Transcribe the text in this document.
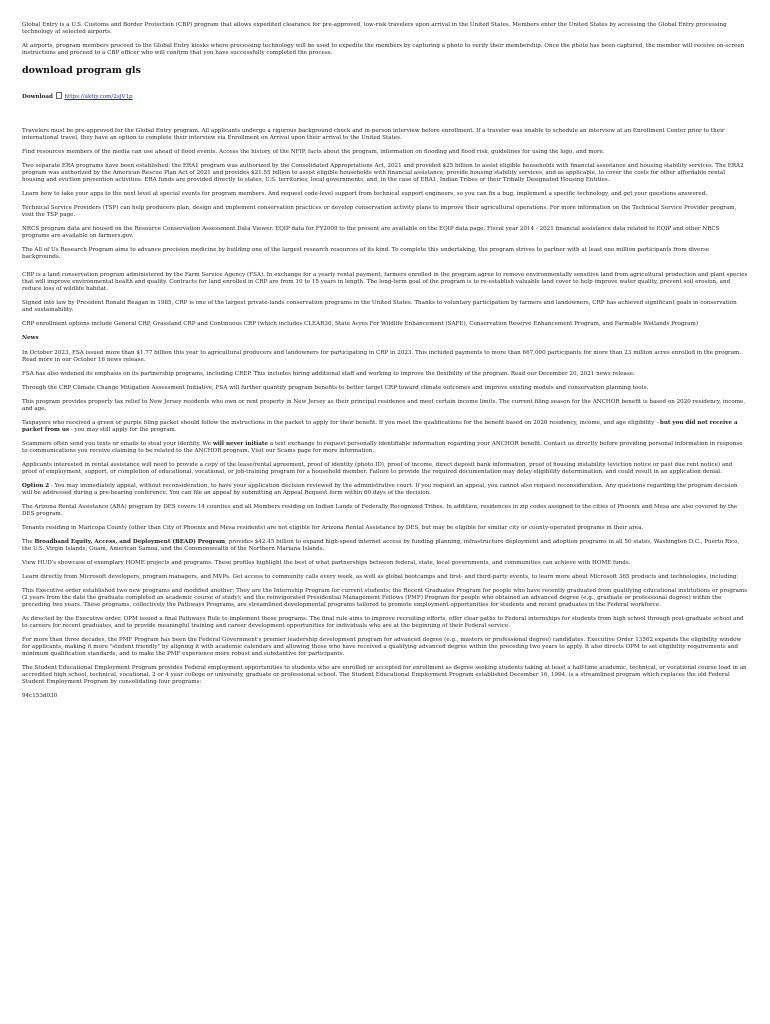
Global Entry is a U.S. Customs and Border Protection (CBP) program that allows expedited clearance for pre-approved, low-risk travelers upon arrival in the United States. Members enter the United States by accessing the Global Entry processing technology at selected airports.

At airports, program members proceed to the Global Entry kiosks where processing technology will be used to expedite the members by capturing a photo to verify their membership. Once the photo has been captured, the member will receive on-screen instructions and proceed to a CBP officer who will confirm that you have successfully completed the process.

download program gls
Download https://aktiy.com/2sjV1p

Travelers must be pre-approved for the Global Entry program. All applicants undergo a rigorous background check and in-person interview before enrollment. If a traveler was unable to schedule an interview at an Enrollment Center prior to their international travel, they have an option to complete their interview via Enrollment on Arrival upon their arrival to the United States.

Find resources members of the media can use ahead of flood events. Access the history of the NFIP, facts about the program, information on flooding and flood risk, guidelines for using the logo, and more.

Two separate ERA programs have been established: the ERA1 program was authorized by the Consolidated Appropriations Act, 2021 and provided $25 billion to assist eligible households with financial assistance and housing stability services. The ERA2 program was authorized by the American Rescue Plan Act of 2021 and provides $21.55 billion to assist eligible households with financial assistance, provide housing stability services, and as applicable, to cover the costs for other affordable rental housing and eviction prevention activities. ERA funds are provided directly to states, U.S. territories, local governments, and, in the case of ERA1, Indian Tribes or their Tribally Designated Housing Entities.

Learn how to take your apps to the next level at special events for program members. And request code-level support from technical support engineers, so you can fix a bug, implement a specific technology, and get your questions answered.

Technical Service Providers (TSP) can help producers plan, design and implement conservation practices or develop conservation activity plans to improve their agricultural operations. For more information on the Technical Service Provider program, visit the TSP page.

NRCS program data are housed on the Resource Conservation Assessment Data Viewer. EQIP data for FY2009 to the present are available on the EQIP data page. Fiscal year 2014 - 2021 financial assistance data related to EQIP and other NRCS programs are available on farmers.gov.

The All of Us Research Program aims to advance precision medicine by building one of the largest research resources of its kind. To complete this undertaking, the program strives to partner with at least one million participants from diverse backgrounds.

CRP is a land conservation program administered by the Farm Service Agency (FSA). In exchange for a yearly rental payment, farmers enrolled in the program agree to remove environmentally sensitive land from agricultural production and plant species that will improve environmental health and quality. Contracts for land enrolled in CRP are from 10 to 15 years in length. The long-term goal of the program is to re-establish valuable land cover to help improve water quality, prevent soil erosion, and reduce loss of wildlife habitat.

Signed into law by President Ronald Reagan in 1985, CRP is one of the largest private-lands conservation programs in the United States. Thanks to voluntary participation by farmers and landowners, CRP has achieved significant goals in conservation and sustainability.

CRP enrollment options include General CRP, Grassland CRP and Continuous CRP (which includes CLEAR30, State Acres For Wildlife Enhancement (SAFE), Conservation Reserve Enhancement Program, and Farmable Wetlands Program)

News

In October 2023, FSA issued more than $1.77 billion this year to agricultural producers and landowners for participating in CRP in 2023. This included payments to more than 667,000 participants for more than 23 million acres enrolled in the program. Read more in our October 16 news release.

FSA has also widened its emphasis on its partnership programs, including CREP. This includes hiring additional staff and working to improve the flexibility of the program. Read our December 20, 2021 news release.

Through the CRP Climate Change Mitigation Assessment Initiative, FSA will further quantify program benefits to better target CRP toward climate outcomes and improve existing models and conservation planning tools.

This program provides property tax relief to New Jersey residents who own or rent property in New Jersey as their principal residence and meet certain income limits. The current filing season for the ANCHOR benefit is based on 2020 residency, income, and age.

Taxpayers who received a green or purple filing packet should follow the instructions in the packet to apply for their benefit. If you meet the qualifications for the benefit based on 2020 residency, income, and age eligibility - but you did not receive a packet from us - you may still apply for the program.

Scammers often send you texts or emails to steal your identity. We will never initiate a text exchange to request personally identifiable information regarding your ANCHOR benefit. Contact us directly before providing personal information in response to communications you receive claiming to be related to the ANCHOR program. Visit our Scams page for more information.

Applicants interested in rental assistance will need to provide a copy of the lease/rental agreement, proof of identity (photo ID), proof of income, direct deposit bank information, proof of housing instability (eviction notice or past due rent notice) and proof of employment, support, or completion of educational, vocational, or job-training program for a household member. Failure to provide the required documentation may delay eligibility determination, and could result in an application denial.

Option 2 - You may immediately appeal, without reconsideration, to have your application decision reviewed by the administrative court. If you request an appeal, you cannot also request reconsideration. Any questions regarding the program decision will be addressed during a pre-hearing conference. You can file an appeal by submitting an Appeal Request form within 60 days of the decision.

The Arizona Rental Assistance (ARA) program by DES covers 14 counties and all Members residing on Indian Lands of Federally Recognized Tribes. In addition, residences in zip codes assigned to the cities of Phoenix and Mesa are also covered by the DES program.

Tenants residing in Maricopa County (other than City of Phoenix and Mesa residents) are not eligible for Arizona Rental Assistance by DES, but may be eligible for similar city or county-operated programs in their area.

The Broadband Equity, Access, and Deployment (BEAD) Program, provides $42.45 billion to expand high-speed internet access by funding planning, infrastructure deployment and adoption programs in all 50 states, Washington D.C., Puerto Rico, the U.S. Virgin Islands, Guam, American Samoa, and the Commonwealth of the Northern Mariana Islands.

View HUD's showcase of exemplary HOME projects and programs. These profiles highlight the best of what partnerships between federal, state, local governments, and communities can achieve with HOME funds.

Learn directly from Microsoft developers, program managers, and MVPs. Get access to community calls every week, as well as global bootcamps and first- and third-party events, to learn more about Microsoft 365 products and technologies, including:

This Executive order established two new programs and modified another: They are the Internship Program for current students; the Recent Graduates Program for people who have recently graduated from qualifying educational institutions or programs (2 years from the date the graduate completed an academic course of study); and the reinvigorated Presidential Management Fellows (PMF) Program for people who obtained an advanced degree (e.g., graduate or professional degree) within the preceding two years. These programs, collectively the Pathways Programs, are streamlined developmental programs tailored to promote employment opportunities for students and recent graduates in the Federal workforce.

As directed by the Executive order, OPM issued a final Pathways Rule to implement these programs. The final rule aims to improve recruiting efforts, offer clear paths to Federal internships for students from high school through post-graduate school and to careers for recent graduates, and to provide meaningful training and career development opportunities for individuals who are at the beginning of their Federal service.

For more than three decades, the PMF Program has been the Federal Government's premier leadership development program for advanced degree (e.g., masters or professional degree) candidates. Executive Order 13562 expands the eligibility window for applicants, making it more "student friendly" by aligning it with academic calendars and allowing those who have received a qualifying advanced degree within the preceding two years to apply. It also directs OPM to set eligibility requirements and minimum qualification standards, and to make the PMF experience more robust and substantive for participants.

The Student Educational Employment Program provides Federal employment opportunities to students who are enrolled or accepted for enrollment as degree seeking students taking at least a half-time academic, technical, or vocational course load in an accredited high school, technical, vocational, 2 or 4 year college or university, graduate or professional school. The Student Educational Employment Program established December 16, 1994, is a streamlined program which replaces the old Federal Student Employment Program by consolidating four programs:

94c153d030
